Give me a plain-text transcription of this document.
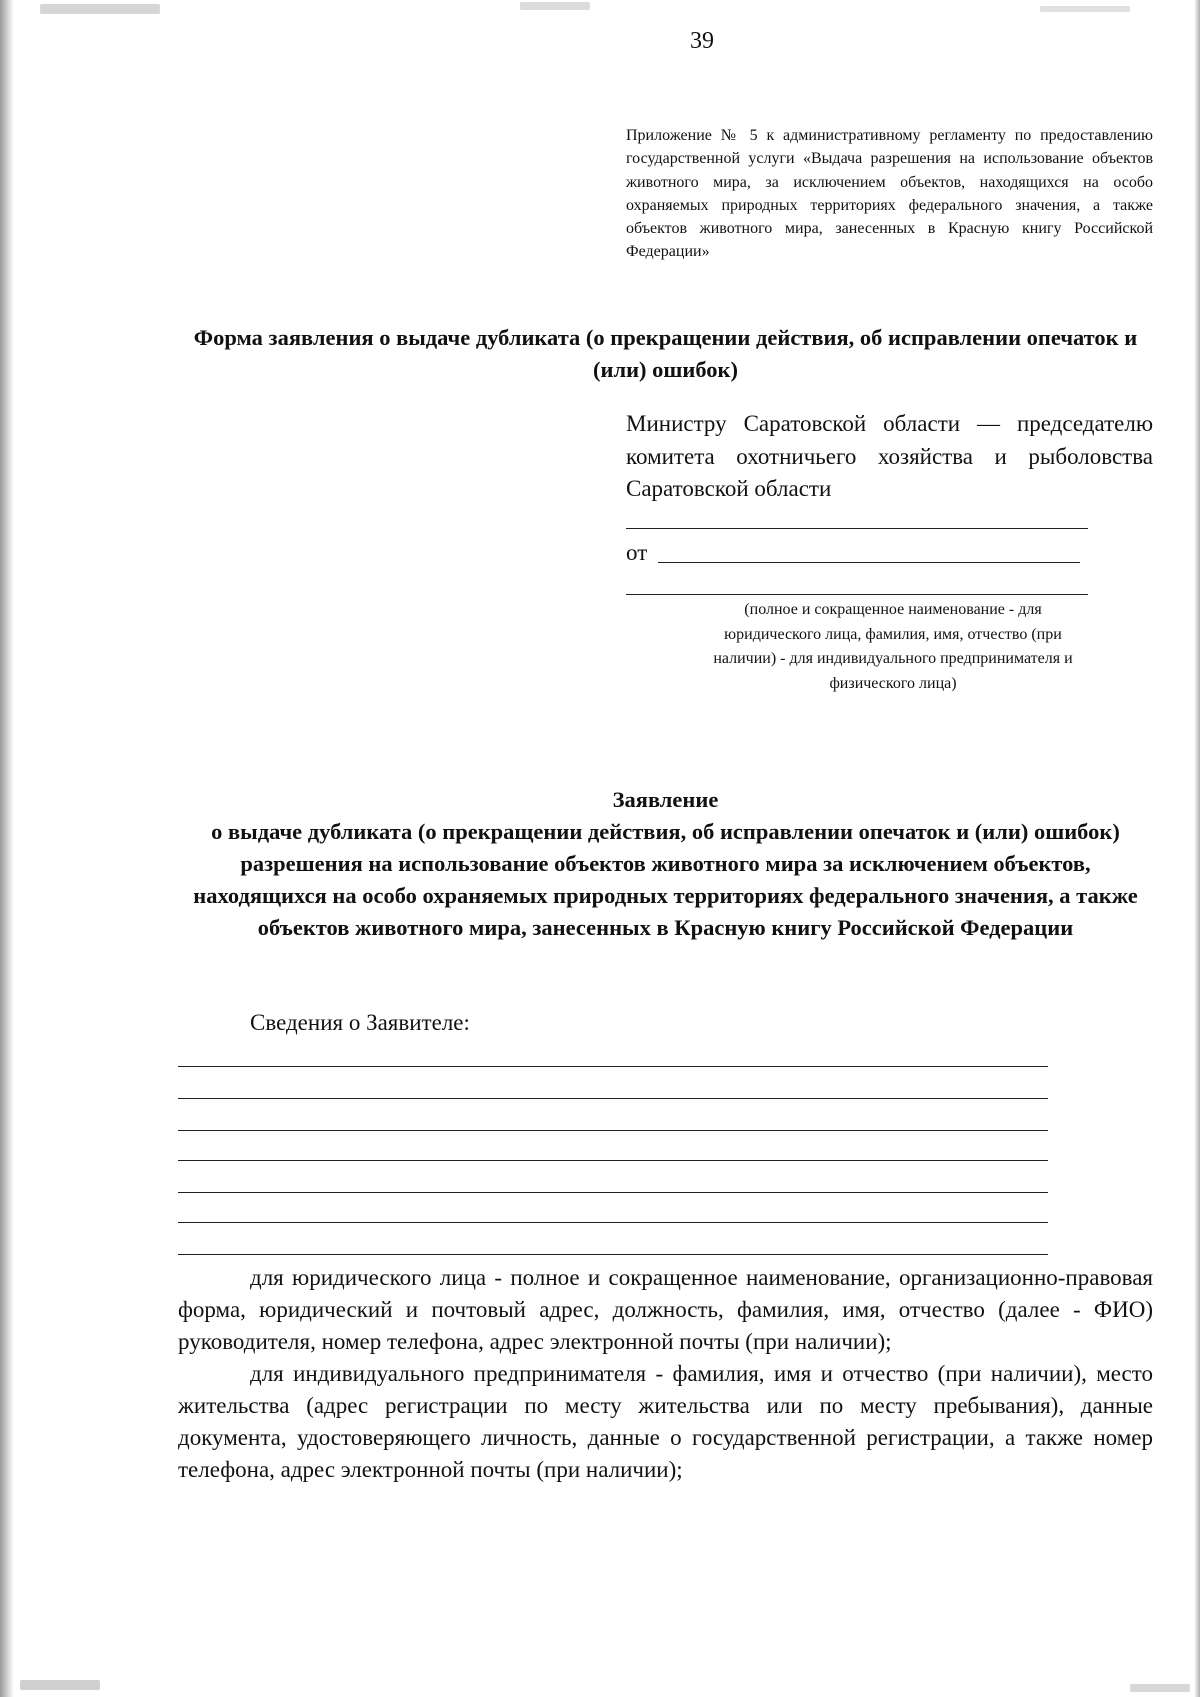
39
Приложение № 5 к административному регламенту по предоставлению государственной услуги «Выдача разрешения на использование объектов животного мира, за исключением объектов, находящихся на особо охраняемых природных территориях федерального значения, а также объектов животного мира, занесенных в Красную книгу Российской Федерации»
Форма заявления о выдаче дубликата (о прекращении действия, об исправлении опечаток и (или) ошибок)
Министру Саратовской области — председателю комитета охотничьего хозяйства и рыболовства Саратовской области
от
(полное и сокращенное наименование - для юридического лица, фамилия, имя, отчество (при наличии) - для индивидуального предпринимателя и физического лица)
Заявление
о выдаче дубликата (о прекращении действия, об исправлении опечаток и (или) ошибок) разрешения на использование объектов животного мира за исключением объектов, находящихся на особо охраняемых природных территориях федерального значения, а также объектов животного мира, занесенных в Красную книгу Российской Федерации
Сведения о Заявителе:

для юридического лица - полное и сокращенное наименование, организационно-правовая форма, юридический и почтовый адрес, должность, фамилия, имя, отчество (далее - ФИО) руководителя, номер телефона, адрес электронной почты (при наличии);

для индивидуального предпринимателя - фамилия, имя и отчество (при наличии), место жительства (адрес регистрации по месту жительства или по месту пребывания), данные документа, удостоверяющего личность, данные о государственной регистрации, а также номер телефона, адрес электронной почты (при наличии);
